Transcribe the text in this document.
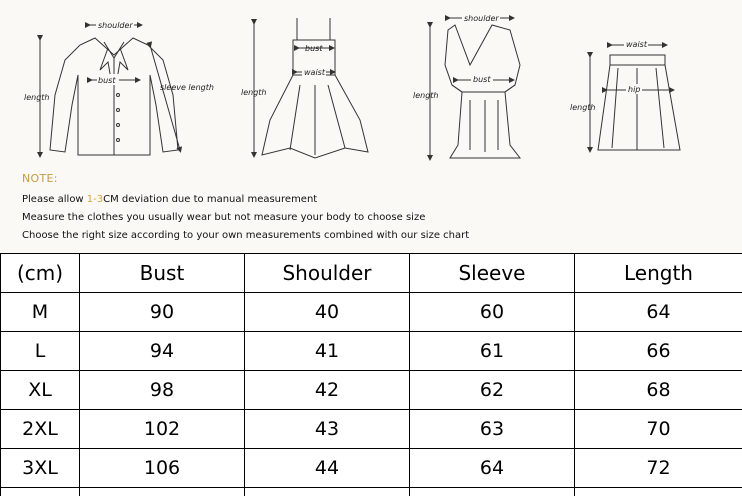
shoulder
bust
sleeve length
length
bust
waist
length
shoulder
bust
length
waist
hip
length
NOTE:
Please allow 1-3CM deviation due to manual measurement
Measure the clothes you usually wear but not measure your body to choose size
Choose the right size according to your own measurements combined with our size chart
(cm)	Bust	Shoulder	Sleeve	Length
M	90	40	60	64
L	94	41	61	66
XL	98	42	62	68
2XL	102	43	63	70
3XL	106	44	64	72
